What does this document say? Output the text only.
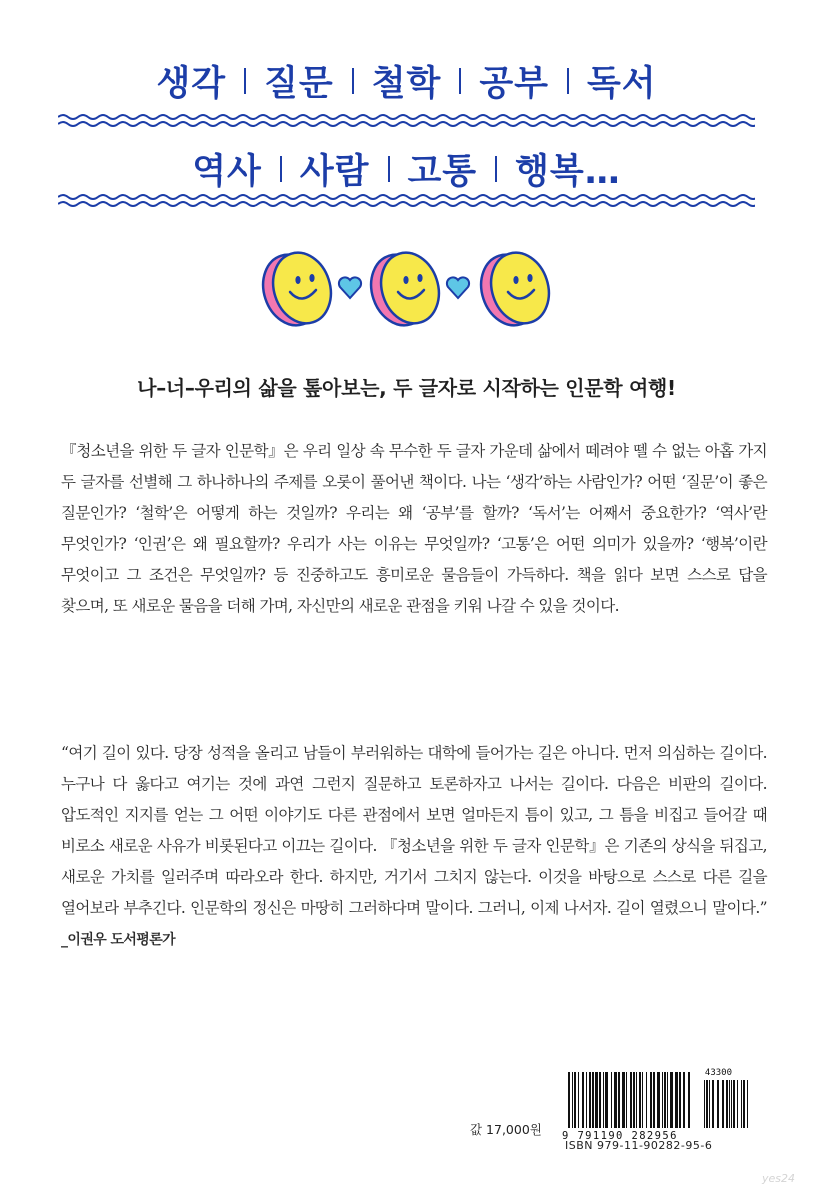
생각 질문 철학 공부 독서
역사 사람 고통 행복…
나–너–우리의 삶을 톺아보는, 두 글자로 시작하는 인문학 여행!

『청소년을 위한 두 글자 인문학』은 우리 일상 속 무수한 두 글자 가운데 삶에서 떼려야 뗄 수 없는 아홉 가지 두 글자를 선별해 그 하나하나의 주제를 오롯이 풀어낸 책이다. 나는 ‘생각’하는 사람인가? 어떤 ‘질문’이 좋은 질문인가? ‘철학’은 어떻게 하는 것일까? 우리는 왜 ‘공부’를 할까? ‘독서’는 어째서 중요한가? ‘역사’란 무엇인가? ‘인권’은 왜 필요할까? 우리가 사는 이유는 무엇일까? ‘고통’은 어떤 의미가 있을까? ‘행복’이란 무엇이고 그 조건은 무엇일까? 등 진중하고도 흥미로운 물음들이 가득하다. 책을 읽다 보면 스스로 답을 찾으며, 또 새로운 물음을 더해 가며, 자신만의 새로운 관점을 키워 나갈 수 있을 것이다.

“여기 길이 있다. 당장 성적을 올리고 남들이 부러워하는 대학에 들어가는 길은 아니다. 먼저 의심하는 길이다. 누구나 다 옳다고 여기는 것에 과연 그런지 질문하고 토론하자고 나서는 길이다. 다음은 비판의 길이다. 압도적인 지지를 얻는 그 어떤 이야기도 다른 관점에서 보면 얼마든지 틈이 있고, 그 틈을 비집고 들어갈 때 비로소 새로운 사유가 비롯된다고 이끄는 길이다. 『청소년을 위한 두 글자 인문학』은 기존의 상식을 뒤집고, 새로운 가치를 일러주며 따라오라 한다. 하지만, 거기서 그치지 않는다. 이것을 바탕으로 스스로 다른 길을 열어보라 부추긴다. 인문학의 정신은 마땅히 그러하다며 말이다. 그러니, 이제 나서자. 길이 열렸으니 말이다.” _이권우 도서평론가

값 17,000원
43300
9 791190 282956
ISBN 979-11-90282-95-6
yes24
